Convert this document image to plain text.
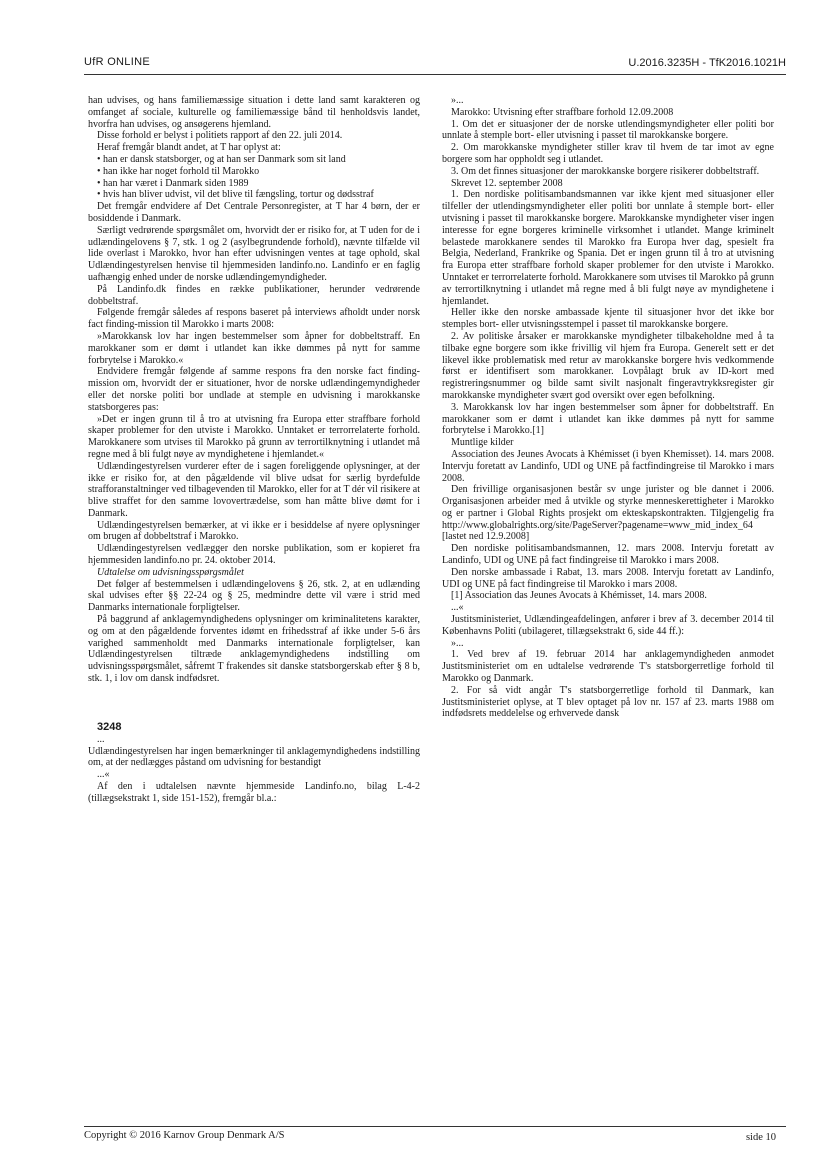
UfR ONLINE	U.2016.3235H - TfK2016.1021H

han udvises, og hans familiemæssige situation i dette land samt karakteren og omfanget af sociale, kulturelle og familiemæssige bånd til henholdsvis landet, hvorfra han udvises, og ansøgerens hjemland.

Disse forhold er belyst i politiets rapport af den 22. juli 2014.

Heraf fremgår blandt andet, at T har oplyst at:

• han er dansk statsborger, og at han ser Danmark som sit land

• han ikke har noget forhold til Marokko

• han har været i Danmark siden 1989

• hvis han bliver udvist, vil det blive til fængsling, tortur og dødsstraf

Det fremgår endvidere af Det Centrale Personregister, at T har 4 børn, der er bosiddende i Danmark.

Særligt vedrørende spørgsmålet om, hvorvidt der er risiko for, at T uden for de i udlændingelovens § 7, stk. 1 og 2 (asylbegrundende forhold), nævnte tilfælde vil lide overlast i Marokko, hvor han efter udvisningen ventes at tage ophold, skal Udlændingestyrelsen henvise til hjemmesiden landinfo.no. Landinfo er en faglig uafhængig enhed under de norske udlændingemyndigheder.

På Landinfo.dk findes en række publikationer, herunder vedrørende dobbeltstraf.

Følgende fremgår således af respons baseret på interviews afholdt under norsk fact finding-mission til Marokko i marts 2008:

»Marokkansk lov har ingen bestemmelser som åpner for dobbeltstraff. En marokkaner som er dømt i utlandet kan ikke dømmes på nytt for samme forbrytelse i Marokko.«

Endvidere fremgår følgende af samme respons fra den norske fact finding-mission om, hvorvidt der er situationer, hvor de norske udlændingemyndigheder eller det norske politi bor undlade at stemple en udvisning i marokkanske statsborgeres pas:

»Det er ingen grunn til å tro at utvisning fra Europa etter straffbare forhold skaper problemer for den utviste i Marokko. Unntaket er terrorrelaterte forhold. Marokkanere som utvises til Marokko på grunn av terrortilknytning i utlandet må regne med å bli fulgt nøye av myndighetene i hjemlandet.«

Udlændingestyrelsen vurderer efter de i sagen foreliggende oplysninger, at der ikke er risiko for, at den pågældende vil blive udsat for særlig byrdefulde strafforanstaltninger ved tilbagevenden til Marokko, eller for at T dér vil risikere at blive straffet for den samme lovovertrædelse, som han måtte blive dømt for i Danmark.

Udlændingestyrelsen bemærker, at vi ikke er i besiddelse af nyere oplysninger om brugen af dobbeltstraf i Marokko.

Udlændingestyrelsen vedlægger den norske publikation, som er kopieret fra hjemmesiden landinfo.no pr. 24. oktober 2014.

Udtalelse om udvisningsspørgsmålet

Det følger af bestemmelsen i udlændingelovens § 26, stk. 2, at en udlænding skal udvises efter §§ 22-24 og § 25, medmindre dette vil være i strid med Danmarks internationale forpligtelser.

På baggrund af anklagemyndighedens oplysninger om kriminalitetens karakter, og om at den pågældende forventes idømt en frihedsstraf af ikke under 5-6 års varighed sammenholdt med Danmarks internationale forpligtelser, kan Udlændingestyrelsen tiltræde anklagemyndighedens indstilling om udvisningsspørgsmålet, såfremt T frakendes sit danske statsborgerskab efter § 8 b, stk. 1, i lov om dansk indfødsret.

3248

...

Udlændingestyrelsen har ingen bemærkninger til anklagemyndighedens indstilling om, at der nedlægges påstand om udvisning for bestandigt

...«

Af den i udtalelsen nævnte hjemmeside Landinfo.no, bilag L-4-2 (tillægsekstrakt 1, side 151-152), fremgår bl.a.:

»...

Marokko: Utvisning efter straffbare forhold 12.09.2008

1. Om det er situasjoner der de norske utlendingsmyndigheter eller politi bor unnlate å stemple bort- eller utvisning i passet til marokkanske borgere.

2. Om marokkanske myndigheter stiller krav til hvem de tar imot av egne borgere som har oppholdt seg i utlandet.

3. Om det finnes situasjoner der marokkanske borgere risikerer dobbeltstraff.

Skrevet 12. september 2008

1. Den nordiske politisambandsmannen var ikke kjent med situasjoner eller tilfeller der utlendingsmyndigheter eller politi bor unnlate å stemple bort- eller utvisning i passet til marokkanske borgere. Marokkanske myndigheter viser ingen interesse for egne borgeres kriminelle virksomhet i utlandet. Mange kriminelt belastede marokkanere sendes til Marokko fra Europa hver dag, spesielt fra Belgia, Nederland, Frankrike og Spania. Det er ingen grunn til å tro at utvisning fra Europa etter straffbare forhold skaper problemer for den utviste i Marokko. Unntaket er terrorrelaterte forhold. Marokkanere som utvises til Marokko på grunn av terrortilknytning i utlandet må regne med å bli fulgt nøye av myndighetene i hjemlandet.

Heller ikke den norske ambassade kjente til situasjoner hvor det ikke bor stemples bort- eller utvisningsstempel i passet til marokkanske borgere.

2. Av politiske årsaker er marokkanske myndigheter tilbakeholdne med å ta tilbake egne borgere som ikke frivillig vil hjem fra Europa. Generelt sett er det likevel ikke problematisk med retur av marokkanske borgere hvis vedkommende først er identifisert som marokkaner. Lovpålagt bruk av ID-kort med registreringsnummer og bilde samt sivilt nasjonalt fingeravtrykksregister gir marokkanske myndigheter svært god oversikt over egen befolkning.

3. Marokkansk lov har ingen bestemmelser som åpner for dobbeltstraff. En marokkaner som er dømt i utlandet kan ikke dømmes på nytt for samme forbrytelse i Marokko.[1]

Muntlige kilder

Association des Jeunes Avocats à Khémisset (i byen Khemisset). 14. mars 2008. Intervju foretatt av Landinfo, UDI og UNE på factfindingreise til Marokko i mars 2008.

Den frivillige organisasjonen består sv unge jurister og ble dannet i 2006. Organisasjonen arbeider med å utvikle og styrke menneskerettigheter i Marokko og er partner i Global Rights prosjekt om ekteskapskontrakten. Tilgjengelig fra http://www.globalrights.org/site/PageServer?pagename=www_mid_index_64 [lastet ned 12.9.2008]

Den nordiske politisambandsmannen, 12. mars 2008. Intervju foretatt av Landinfo, UDI og UNE på fact findingreise til Marokko i mars 2008.

Den norske ambassade i Rabat, 13. mars 2008. Intervju foretatt av Landinfo, UDI og UNE på fact findingreise til Marokko i mars 2008.

[1] Association das Jeunes Avocats à Khémisset, 14. mars 2008.

...«

Justitsministeriet, Udlændingeafdelingen, anfører i brev af 3. december 2014 til Københavns Politi (ubilageret, tillægsekstrakt 6, side 44 ff.):

»...

1. Ved brev af 19. februar 2014 har anklagemyndigheden anmodet Justitsministeriet om en udtalelse vedrørende T's statsborgerretlige forhold til Marokko og Danmark.

2. For så vidt angår T's statsborgerretlige forhold til Danmark, kan Justitsministeriet oplyse, at T blev optaget på lov nr. 157 af 23. marts 1988 om indfødsrets meddelelse og erhvervede dansk

Copyright © 2016 Karnov Group Denmark A/S	side 10
